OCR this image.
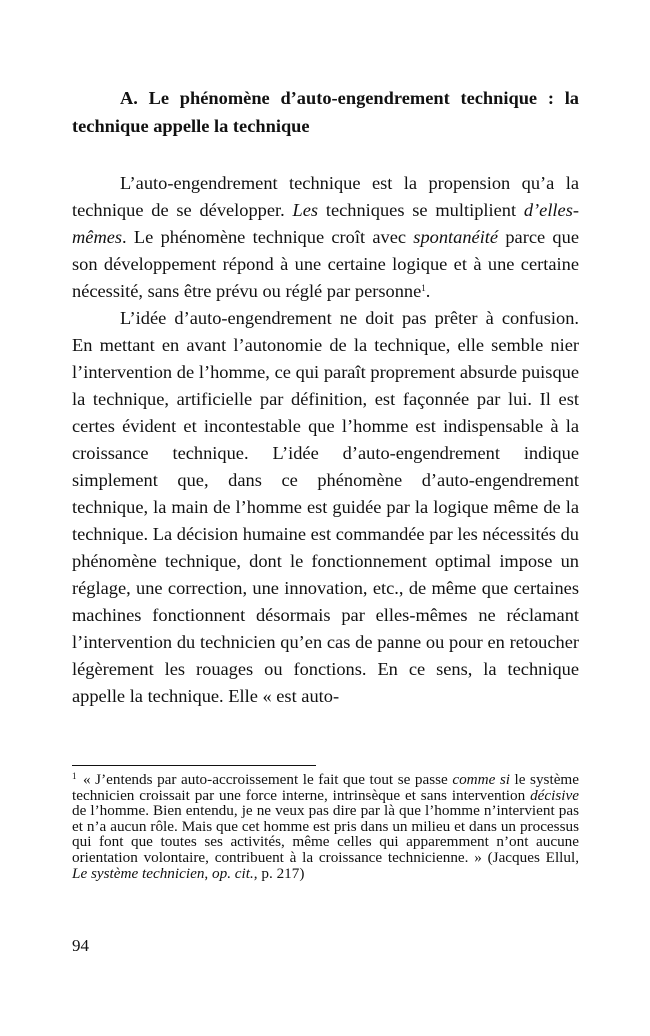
A. Le phénomène d’auto-engendrement technique : la technique appelle la technique

L’auto-engendrement technique est la propension qu’a la technique de se développer. Les techniques se multiplient d’elles-mêmes. Le phénomène technique croît avec spontanéité parce que son développement répond à une certaine logique et à une certaine nécessité, sans être prévu ou réglé par personne$^1$.

L’idée d’auto-engendrement ne doit pas prêter à confusion. En mettant en avant l’autonomie de la technique, elle semble nier l’intervention de l’homme, ce qui paraît proprement absurde puisque la technique, artificielle par définition, est façonnée par lui. Il est certes évident et incontestable que l’homme est indispensable à la croissance technique. L’idée d’auto-engendrement indique simplement que, dans ce phénomène d’auto-engendrement technique, la main de l’homme est guidée par la logique même de la technique. La décision humaine est commandée par les nécessités du phénomène technique, dont le fonctionnement optimal impose un réglage, une correction, une innovation, etc., de même que certaines machines fonctionnent désormais par elles-mêmes ne réclamant l’intervention du technicien qu’en cas de panne ou pour en retoucher légèrement les rouages ou fonctions. En ce sens, la technique appelle la technique. Elle « est auto-

$^1$ « J’entends par auto-accroissement le fait que tout se passe comme si le système technicien croissait par une force interne, intrinsèque et sans intervention décisive de l’homme. Bien entendu, je ne veux pas dire par là que l’homme n’intervient pas et n’a aucun rôle. Mais que cet homme est pris dans un milieu et dans un processus qui font que toutes ses activités, même celles qui apparemment n’ont aucune orientation volontaire, contribuent à la croissance technicienne. » (Jacques Ellul, Le système technicien, op. cit., p. 217)
94
